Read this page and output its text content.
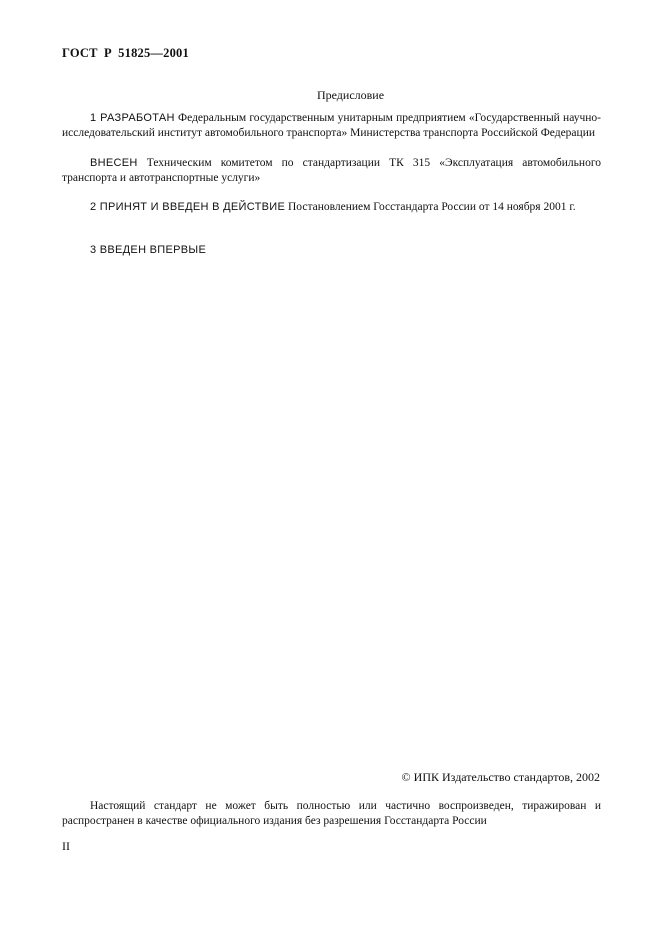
ГОСТ Р 51825—2001
Предисловие
1 РАЗРАБОТАН Федеральным государственным унитарным предприятием «Государственный научно-исследовательский институт автомобильного транспорта» Министерства транспорта Российской Федерации
ВНЕСЕН Техническим комитетом по стандартизации ТК 315 «Эксплуатация автомобильного транспорта и автотранспортные услуги»
2 ПРИНЯТ И ВВЕДЕН В ДЕЙСТВИЕ Постановлением Госстандарта России от 14 ноября 2001 г.
3 ВВЕДЕН ВПЕРВЫЕ
© ИПК Издательство стандартов, 2002
Настоящий стандарт не может быть полностью или частично воспроизведен, тиражирован и распространен в качестве официального издания без разрешения Госстандарта России
II
